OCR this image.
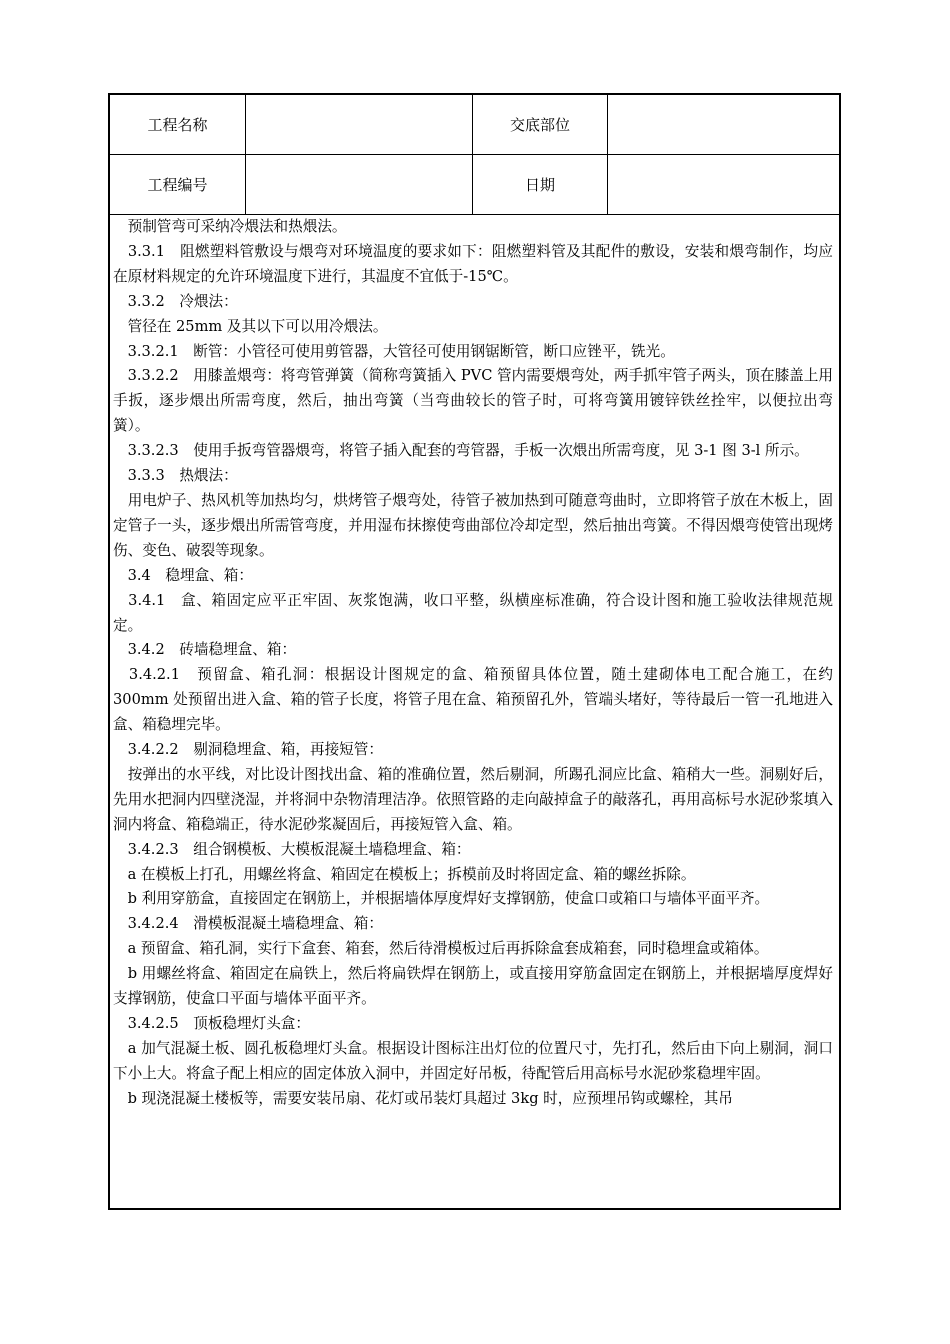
工程名称	交底部位
工程编号	日期

　预制管弯可采纳冷煨法和热煨法。

　3.3.1　阻燃塑料管敷设与煨弯对环境温度的要求如下：阻燃塑料管及其配件的敷设，安装和煨弯制作，均应在原材料规定的允许环境温度下进行，其温度不宜低于-15℃。

　3.3.2　冷煨法：

　管径在 25mm 及其以下可以用冷煨法。

　3.3.2.1　断管：小管径可使用剪管器，大管径可使用钢锯断管，断口应锉平，铣光。

　3.3.2.2　用膝盖煨弯：将弯管弹簧（简称弯簧插入 PVC 管内需要煨弯处，两手抓牢管子两头，顶在膝盖上用手扳，逐步煨出所需弯度，然后，抽出弯簧（当弯曲较长的管子时，可将弯簧用镀锌铁丝拴牢，以便拉出弯簧）。

　3.3.2.3　使用手扳弯管器煨弯，将管子插入配套的弯管器，手板一次煨出所需弯度，见 3-1 图 3-l 所示。

　3.3.3　热煨法：

　用电炉子、热风机等加热均匀，烘烤管子煨弯处，待管子被加热到可随意弯曲时，立即将管子放在木板上，固定管子一头，逐步煨出所需管弯度，并用湿布抹擦使弯曲部位冷却定型，然后抽出弯簧。不得因煨弯使管出现烤伤、变色、破裂等现象。

　3.4　稳埋盒、箱：

　3.4.1　盒、箱固定应平正牢固、灰浆饱满，收口平整，纵横座标准确，符合设计图和施工验收法律规范规定。

　3.4.2　砖墙稳埋盒、箱：

　3.4.2.1　预留盒、箱孔洞：根据设计图规定的盒、箱预留具体位置，随土建砌体电工配合施工，在约 300mm 处预留出进入盒、箱的管子长度，将管子甩在盒、箱预留孔外，管端头堵好，等待最后一管一孔地进入盒、箱稳埋完毕。

　3.4.2.2　剔洞稳埋盒、箱，再接短管：

　按弹出的水平线，对比设计图找出盒、箱的准确位置，然后剔洞，所踢孔洞应比盒、箱稍大一些。洞剔好后，先用水把洞内四壁浇湿，并将洞中杂物清理洁净。依照管路的走向敲掉盒子的敲落孔，再用高标号水泥砂浆填入洞内将盒、箱稳端正，待水泥砂浆凝固后，再接短管入盒、箱。

　3.4.2.3　组合钢模板、大模板混凝土墙稳埋盒、箱：

　a 在模板上打孔，用螺丝将盒、箱固定在模板上；拆模前及时将固定盒、箱的螺丝拆除。

　b 利用穿筋盒，直接固定在钢筋上，并根据墙体厚度焊好支撑钢筋，使盒口或箱口与墙体平面平齐。

　3.4.2.4　滑模板混凝土墙稳埋盒、箱：

　a 预留盒、箱孔洞，实行下盒套、箱套，然后待滑模板过后再拆除盒套成箱套，同时稳埋盒或箱体。

　b 用螺丝将盒、箱固定在扁铁上，然后将扁铁焊在钢筋上，或直接用穿筋盒固定在钢筋上，并根据墙厚度焊好支撑钢筋，使盒口平面与墙体平面平齐。

　3.4.2.5　顶板稳埋灯头盒：

　a 加气混凝土板、圆孔板稳埋灯头盒。根据设计图标注出灯位的位置尺寸，先打孔，然后由下向上剔洞，洞口下小上大。将盒子配上相应的固定体放入洞中，并固定好吊板，待配管后用高标号水泥砂浆稳埋牢固。

　b 现浇混凝土楼板等，需要安装吊扇、花灯或吊装灯具超过 3kg 时，应预埋吊钩或螺栓，其吊
